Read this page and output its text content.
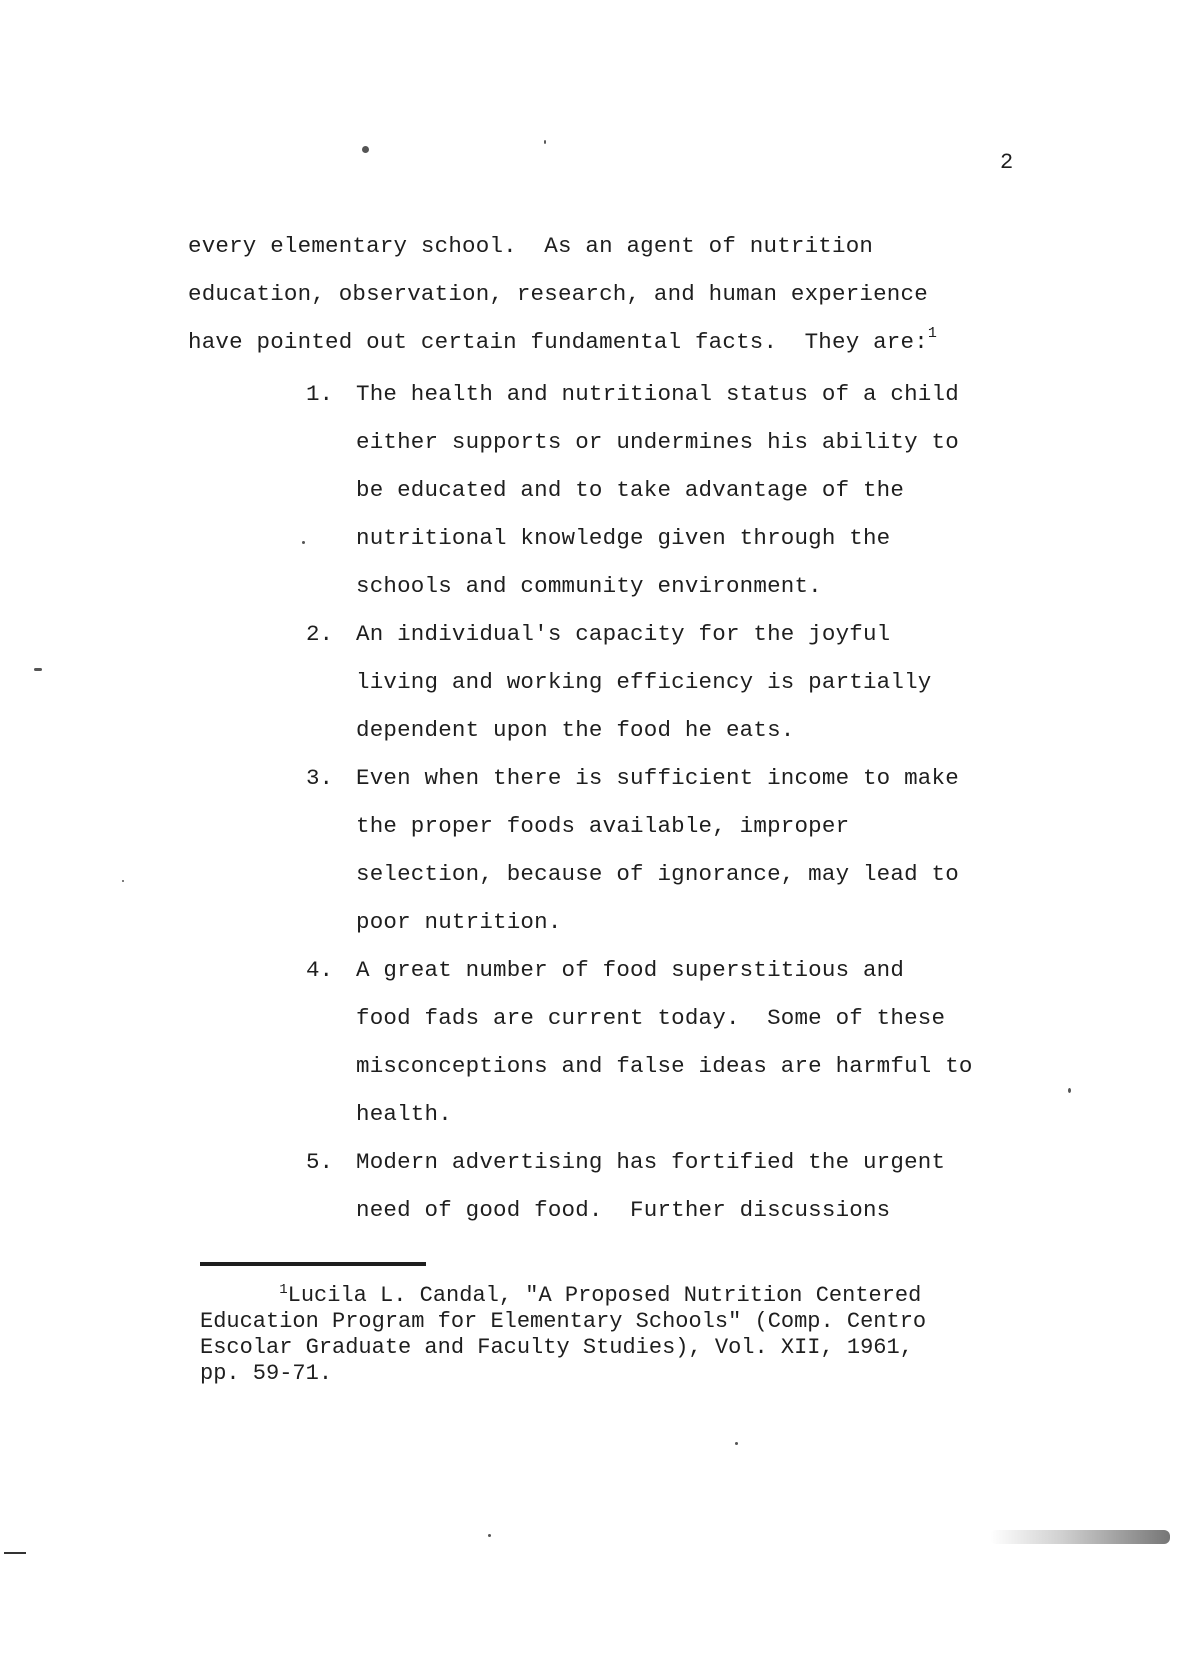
2
every elementary school.  As an agent of nutrition
education, observation, research, and human experience
have pointed out certain fundamental facts.  They are:$^1$
1. The health and nutritional status of a child
either supports or undermines his ability to
be educated and to take advantage of the
nutritional knowledge given through the
schools and community environment.
2. An individual's capacity for the joyful
living and working efficiency is partially
dependent upon the food he eats.
3. Even when there is sufficient income to make
the proper foods available, improper
selection, because of ignorance, may lead to
poor nutrition.
4. A great number of food superstitious and
food fads are current today.  Some of these
misconceptions and false ideas are harmful to
health.
5. Modern advertising has fortified the urgent
need of good food.  Further discussions
$^1$Lucila L. Candal, "A Proposed Nutrition Centered
Education Program for Elementary Schools" (Comp. Centro
Escolar Graduate and Faculty Studies), Vol. XII, 1961,
pp. 59-71.
